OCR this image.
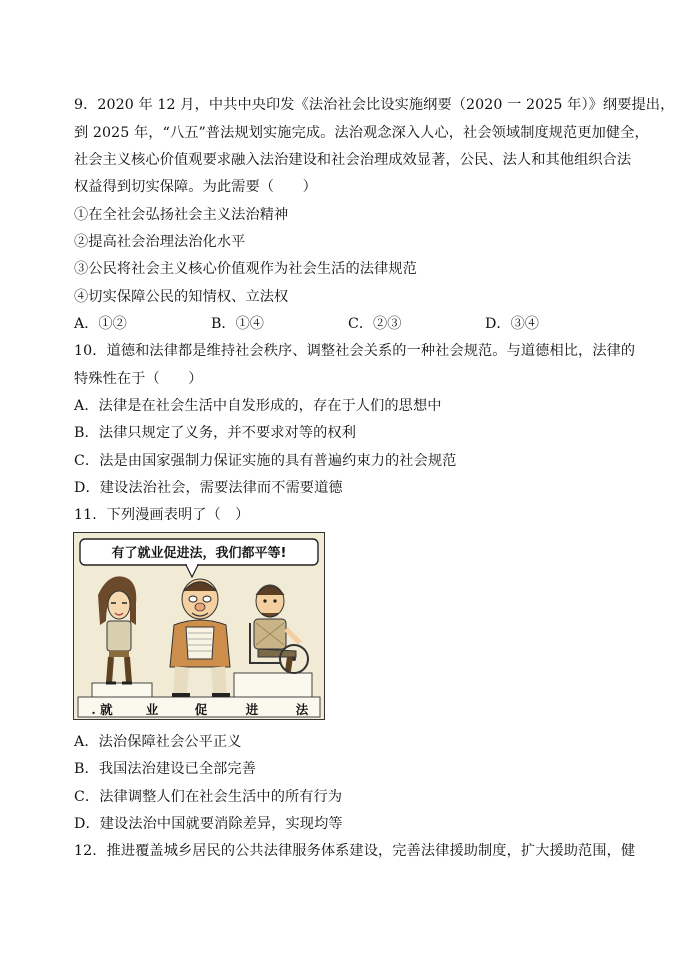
9．2020 年 12 月，中共中央印发《法治社会比设实施纲要（2020 一 2025 年）》纲要提出，
到 2025 年，“八五”普法规划实施完成。法治观念深入人心，社会领域制度规范更加健全，
社会主义核心价值观要求融入法治建设和社会治理成效显著，公民、法人和其他组织合法
权益得到切实保障。为此需要（　　）
①在全社会弘扬社会主义法治精神
②提高社会治理法治化水平
③公民将社会主义核心价值观作为社会生活的法律规范
④切实保障公民的知情权、立法权
A．①②	B．①④	C．②③	D．③④
10．道德和法律都是维持社会秩序、调整社会关系的一种社会规范。与道德相比，法律的
特殊性在于（　　）
A．法律是在社会生活中自发形成的，存在于人们的思想中
B．法律只规定了义务，并不要求对等的权利
C．法是由国家强制力保证实施的具有普遍约束力的社会规范
D．建设法治社会，需要法律而不需要道德
11．下列漫画表明了（　）
有了就业促进法，我们都平等!
. 就	业	促	进	法
A．法治保障社会公平正义
B．我国法治建设已全部完善
C．法律调整人们在社会生活中的所有行为
D．建设法治中国就要消除差异，实现均等
12．推进覆盖城乡居民的公共法律服务体系建设，完善法律援助制度，扩大援助范围，健
